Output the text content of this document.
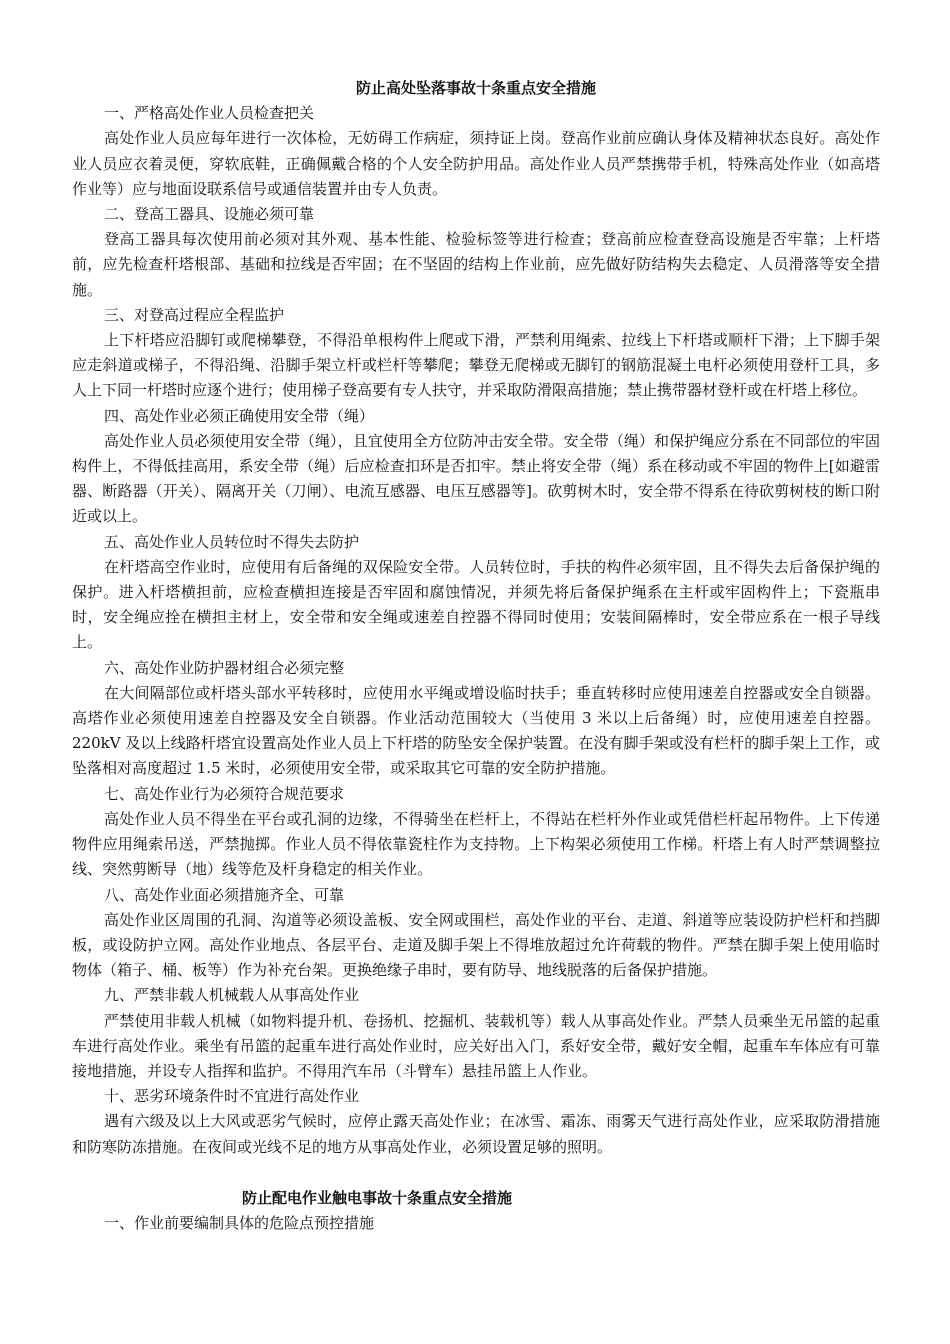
防止高处坠落事故十条重点安全措施

一、严格高处作业人员检查把关

高处作业人员应每年进行一次体检，无妨碍工作病症，须持证上岗。登高作业前应确认身体及精神状态良好。高处作业人员应衣着灵便，穿软底鞋，正确佩戴合格的个人安全防护用品。高处作业人员严禁携带手机，特殊高处作业（如高塔作业等）应与地面设联系信号或通信装置并由专人负责。

二、登高工器具、设施必须可靠

登高工器具每次使用前必须对其外观、基本性能、检验标签等进行检查；登高前应检查登高设施是否牢靠；上杆塔前，应先检查杆塔根部、基础和拉线是否牢固；在不坚固的结构上作业前，应先做好防结构失去稳定、人员滑落等安全措施。

三、对登高过程应全程监护

上下杆塔应沿脚钉或爬梯攀登，不得沿单根构件上爬或下滑，严禁利用绳索、拉线上下杆塔或顺杆下滑；上下脚手架应走斜道或梯子，不得沿绳、沿脚手架立杆或栏杆等攀爬；攀登无爬梯或无脚钉的钢筋混凝土电杆必须使用登杆工具，多人上下同一杆塔时应逐个进行；使用梯子登高要有专人扶守，并采取防滑限高措施；禁止携带器材登杆或在杆塔上移位。

四、高处作业必须正确使用安全带（绳）

高处作业人员必须使用安全带（绳），且宜使用全方位防冲击安全带。安全带（绳）和保护绳应分系在不同部位的牢固构件上，不得低挂高用，系安全带（绳）后应检查扣环是否扣牢。禁止将安全带（绳）系在移动或不牢固的物件上[如避雷器、断路器（开关）、隔离开关（刀闸）、电流互感器、电压互感器等]。砍剪树木时，安全带不得系在待砍剪树枝的断口附近或以上。

五、高处作业人员转位时不得失去防护

在杆塔高空作业时，应使用有后备绳的双保险安全带。人员转位时，手扶的构件必须牢固，且不得失去后备保护绳的保护。进入杆塔横担前，应检查横担连接是否牢固和腐蚀情况，并须先将后备保护绳系在主杆或牢固构件上；下瓷瓶串时，安全绳应拴在横担主材上，安全带和安全绳或速差自控器不得同时使用；安装间隔棒时，安全带应系在一根子导线上。

六、高处作业防护器材组合必须完整

在大间隔部位或杆塔头部水平转移时，应使用水平绳或增设临时扶手；垂直转移时应使用速差自控器或安全自锁器。高塔作业必须使用速差自控器及安全自锁器。作业活动范围较大（当使用 3 米以上后备绳）时，应使用速差自控器。220kV 及以上线路杆塔宜设置高处作业人员上下杆塔的防坠安全保护装置。在没有脚手架或没有栏杆的脚手架上工作，或坠落相对高度超过 1.5 米时，必须使用安全带，或采取其它可靠的安全防护措施。

七、高处作业行为必须符合规范要求

高处作业人员不得坐在平台或孔洞的边缘，不得骑坐在栏杆上，不得站在栏杆外作业或凭借栏杆起吊物件。上下传递物件应用绳索吊送，严禁抛掷。作业人员不得依靠瓷柱作为支持物。上下构架必须使用工作梯。杆塔上有人时严禁调整拉线、突然剪断导（地）线等危及杆身稳定的相关作业。

八、高处作业面必须措施齐全、可靠

高处作业区周围的孔洞、沟道等必须设盖板、安全网或围栏，高处作业的平台、走道、斜道等应装设防护栏杆和挡脚板，或设防护立网。高处作业地点、各层平台、走道及脚手架上不得堆放超过允许荷载的物件。严禁在脚手架上使用临时物体（箱子、桶、板等）作为补充台架。更换绝缘子串时，要有防导、地线脱落的后备保护措施。

九、严禁非载人机械载人从事高处作业

严禁使用非载人机械（如物料提升机、卷扬机、挖掘机、装载机等）载人从事高处作业。严禁人员乘坐无吊篮的起重车进行高处作业。乘坐有吊篮的起重车进行高处作业时，应关好出入门，系好安全带，戴好安全帽，起重车车体应有可靠接地措施，并设专人指挥和监护。不得用汽车吊（斗臂车）悬挂吊篮上人作业。

十、恶劣环境条件时不宜进行高处作业

遇有六级及以上大风或恶劣气候时，应停止露天高处作业；在冰雪、霜冻、雨雾天气进行高处作业，应采取防滑措施和防寒防冻措施。在夜间或光线不足的地方从事高处作业，必须设置足够的照明。

防止配电作业触电事故十条重点安全措施

一、作业前要编制具体的危险点预控措施
